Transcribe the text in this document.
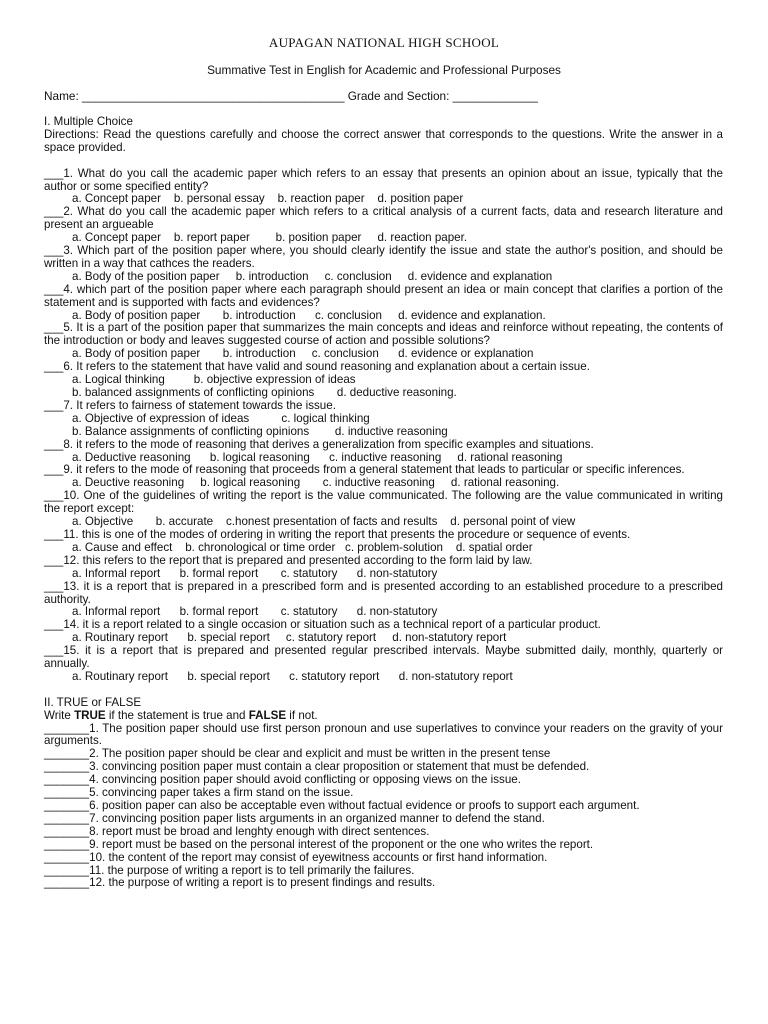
AUPAGAN NATIONAL HIGH SCHOOL
Summative Test in English for Academic and Professional Purposes
Name: ________________________________________ Grade and Section: _____________

I. Multiple Choice

Directions: Read the questions carefully and choose the correct answer that corresponds to the questions. Write the answer in a space provided.

___1. What do you call the academic paper which refers to an essay that presents an opinion about an issue, typically that the author or some specified entity?

a. Concept paper    b. personal essay    b. reaction paper    d. position paper

___2. What do you call the academic paper which refers to a critical analysis of a current facts, data and research literature and present an argueable

a. Concept paper    b. report paper        b. position paper     d. reaction paper.

___3. Which part of the position paper where, you should clearly identify the issue and state the author's position, and should be written in a way that cathces the readers.

a. Body of the position paper     b. introduction     c. conclusion     d. evidence and explanation

___4. which part of the position paper where each paragraph should present an idea or main concept that clarifies a portion of the statement and is supported with facts and evidences?

a. Body of position paper       b. introduction      c. conclusion     d. evidence and explanation.

___5. It is a part of the position paper that summarizes the main concepts and ideas and reinforce without repeating, the contents of the introduction or body and leaves suggested course of action and possible solutions?

a. Body of position paper       b. introduction     c. conclusion      d. evidence or explanation

___6. It refers to the statement that have valid and sound reasoning and explanation about a certain issue.

a. Logical thinking         b. objective expression of ideas

b. balanced assignments of conflicting opinions       d. deductive reasoning.

___7. It refers to fairness of statement towards the issue.

a. Objective of expression of ideas          c. logical thinking

b. Balance assignments of conflicting opinions        d. inductive reasoning

___8. it refers to the mode of reasoning that derives a generalization from specific examples and situations.

a. Deductive reasoning      b. logical reasoning      c. inductive reasoning     d. rational reasoning

___9. it refers to the mode of reasoning that proceeds from a general statement that leads to particular or specific inferences.

a. Deuctive reasoning     b. logical reasoning       c. inductive reasoning     d. rational reasoning.

___10. One of the guidelines of writing the report is the value communicated. The following are the value communicated in writing the report except:

a. Objective       b. accurate    c.honest presentation of facts and results    d. personal point of view

___11. this is one of the modes of ordering in writing the report that presents the procedure or sequence of events.

a. Cause and effect    b. chronological or time order   c. problem-solution    d. spatial order

___12. this refers to the report that is prepared and presented according to the form laid by law.

a. Informal report      b. formal report       c. statutory      d. non-statutory

___13. it is a report that is prepared in a prescribed form and is presented according to an established procedure to a prescribed authority.

a. Informal report      b. formal report       c. statutory      d. non-statutory

___14. it is a report related to a single occasion or situation such as a technical report of a particular product.

a. Routinary report      b. special report     c. statutory report     d. non-statutory report

___15. it is a report that is prepared and presented regular prescribed intervals. Maybe submitted daily, monthly, quarterly or annually.

a. Routinary report      b. special report      c. statutory report      d. non-statutory report

II. TRUE or FALSE

Write TRUE if the statement is true and FALSE if not.

_______1. The position paper should use first person pronoun and use superlatives to convince your readers on the gravity of your arguments.

_______2. The position paper should be clear and explicit and must be written in the present tense

_______3. convincing position paper must contain a clear proposition or statement that must be defended.

_______4. convincing position paper should avoid conflicting or opposing views on the issue.

_______5. convincing paper takes a firm stand on the issue.

_______6. position paper can also be acceptable even without factual evidence or proofs to support each argument.

_______7. convincing position paper lists arguments in an organized manner to defend the stand.

_______8. report must be broad and lenghty enough with direct sentences.

_______9. report must be based on the personal interest of the proponent or the one who writes the report.

_______10. the content of the report may consist of eyewitness accounts or first hand information.

_______11. the purpose of writing a report is to tell primarily the failures.

_______12. the purpose of writing a report is to present findings and results.
